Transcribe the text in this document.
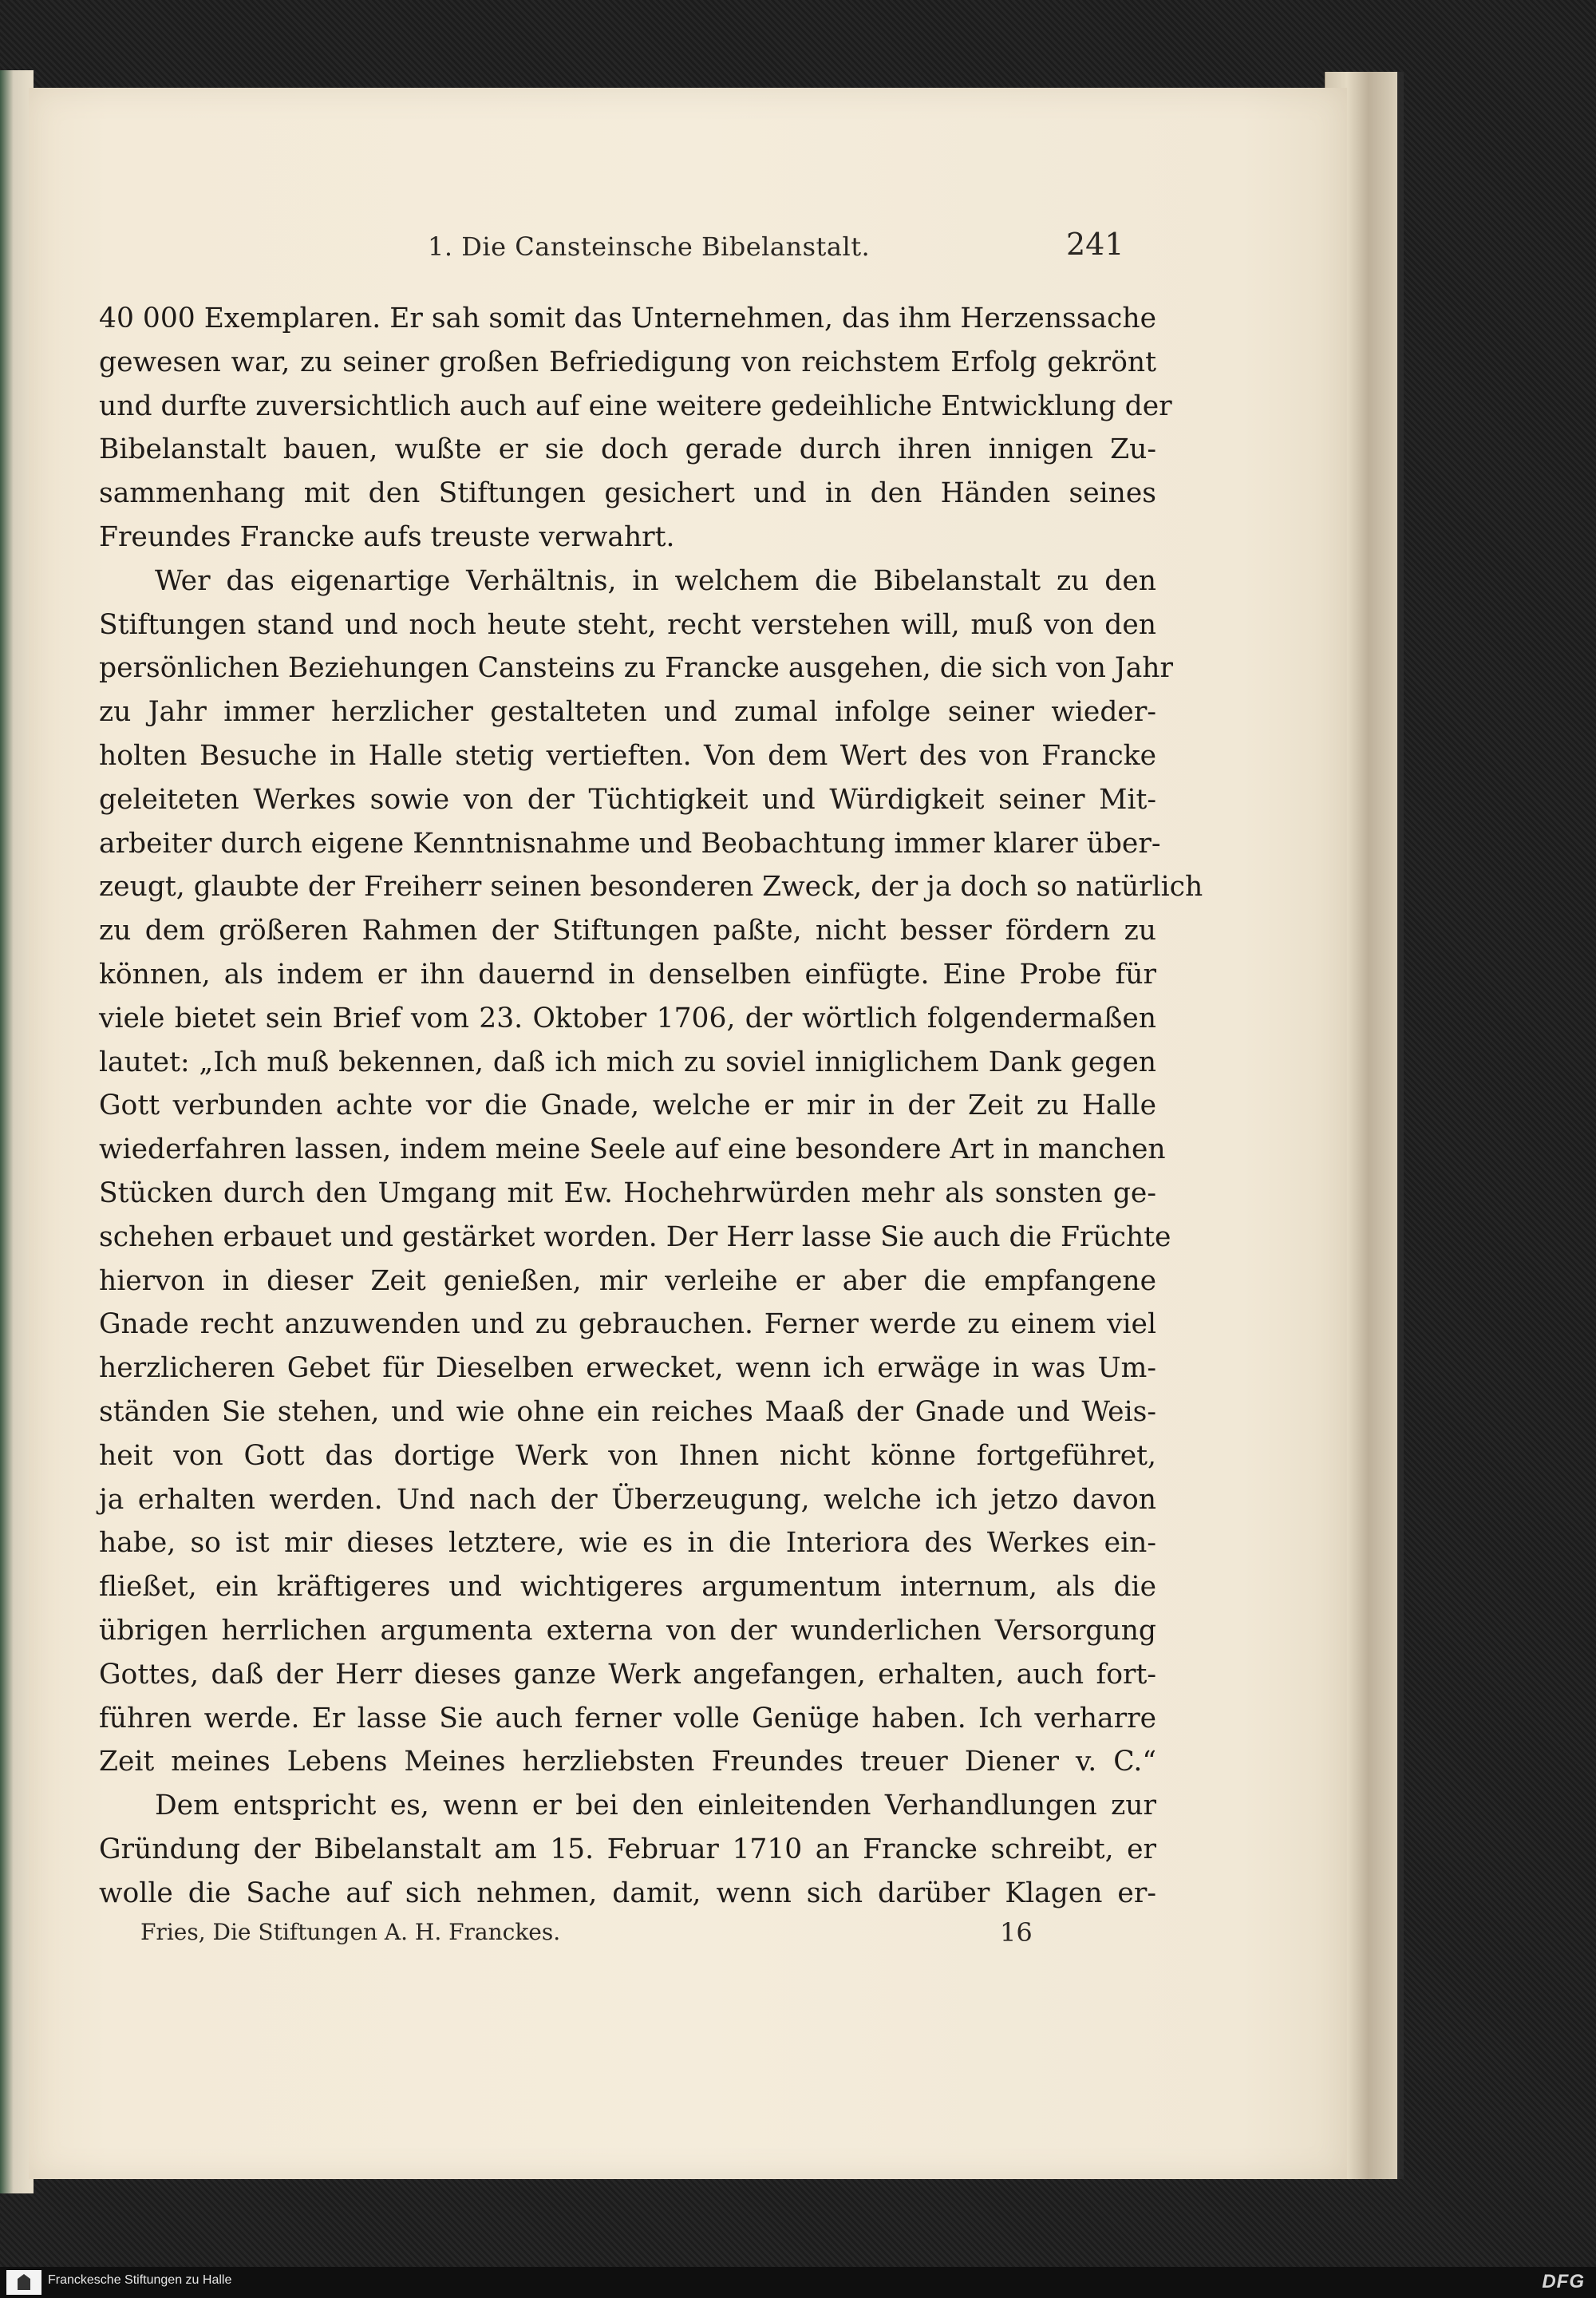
1. Die Cansteinsche Bibelanstalt.	241
40 000 Exemplaren. Er sah somit das Unternehmen, das ihm Herzenssache
gewesen war, zu seiner großen Befriedigung von reichstem Erfolg gekrönt
und durfte zuversichtlich auch auf eine weitere gedeihliche Entwicklung der
Bibelanstalt bauen, wußte er sie doch gerade durch ihren innigen Zu-
sammenhang mit den Stiftungen gesichert und in den Händen seines
Freundes Francke aufs treuste verwahrt.
Wer das eigenartige Verhältnis, in welchem die Bibelanstalt zu den
Stiftungen stand und noch heute steht, recht verstehen will, muß von den
persönlichen Beziehungen Cansteins zu Francke ausgehen, die sich von Jahr
zu Jahr immer herzlicher gestalteten und zumal infolge seiner wieder-
holten Besuche in Halle stetig vertieften. Von dem Wert des von Francke
geleiteten Werkes sowie von der Tüchtigkeit und Würdigkeit seiner Mit-
arbeiter durch eigene Kenntnisnahme und Beobachtung immer klarer über-
zeugt, glaubte der Freiherr seinen besonderen Zweck, der ja doch so natürlich
zu dem größeren Rahmen der Stiftungen paßte, nicht besser fördern zu
können, als indem er ihn dauernd in denselben einfügte. Eine Probe für
viele bietet sein Brief vom 23. Oktober 1706, der wörtlich folgendermaßen
lautet: „Ich muß bekennen, daß ich mich zu soviel inniglichem Dank gegen
Gott verbunden achte vor die Gnade, welche er mir in der Zeit zu Halle
wiederfahren lassen, indem meine Seele auf eine besondere Art in manchen
Stücken durch den Umgang mit Ew. Hochehrwürden mehr als sonsten ge-
schehen erbauet und gestärket worden. Der Herr lasse Sie auch die Früchte
hiervon in dieser Zeit genießen, mir verleihe er aber die empfangene
Gnade recht anzuwenden und zu gebrauchen. Ferner werde zu einem viel
herzlicheren Gebet für Dieselben erwecket, wenn ich erwäge in was Um-
ständen Sie stehen, und wie ohne ein reiches Maaß der Gnade und Weis-
heit von Gott das dortige Werk von Ihnen nicht könne fortgeführet,
ja erhalten werden. Und nach der Überzeugung, welche ich jetzo davon
habe, so ist mir dieses letztere, wie es in die Interiora des Werkes ein-
fließet, ein kräftigeres und wichtigeres argumentum internum, als die
übrigen herrlichen argumenta externa von der wunderlichen Versorgung
Gottes, daß der Herr dieses ganze Werk angefangen, erhalten, auch fort-
führen werde. Er lasse Sie auch ferner volle Genüge haben. Ich verharre
Zeit meines Lebens Meines herzliebsten Freundes treuer Diener v. C.“
Dem entspricht es, wenn er bei den einleitenden Verhandlungen zur
Gründung der Bibelanstalt am 15. Februar 1710 an Francke schreibt, er
wolle die Sache auf sich nehmen, damit, wenn sich darüber Klagen er-
Fries, Die Stiftungen A. H. Franckes.	16
Franckesche Stiftungen zu Halle	DFG
